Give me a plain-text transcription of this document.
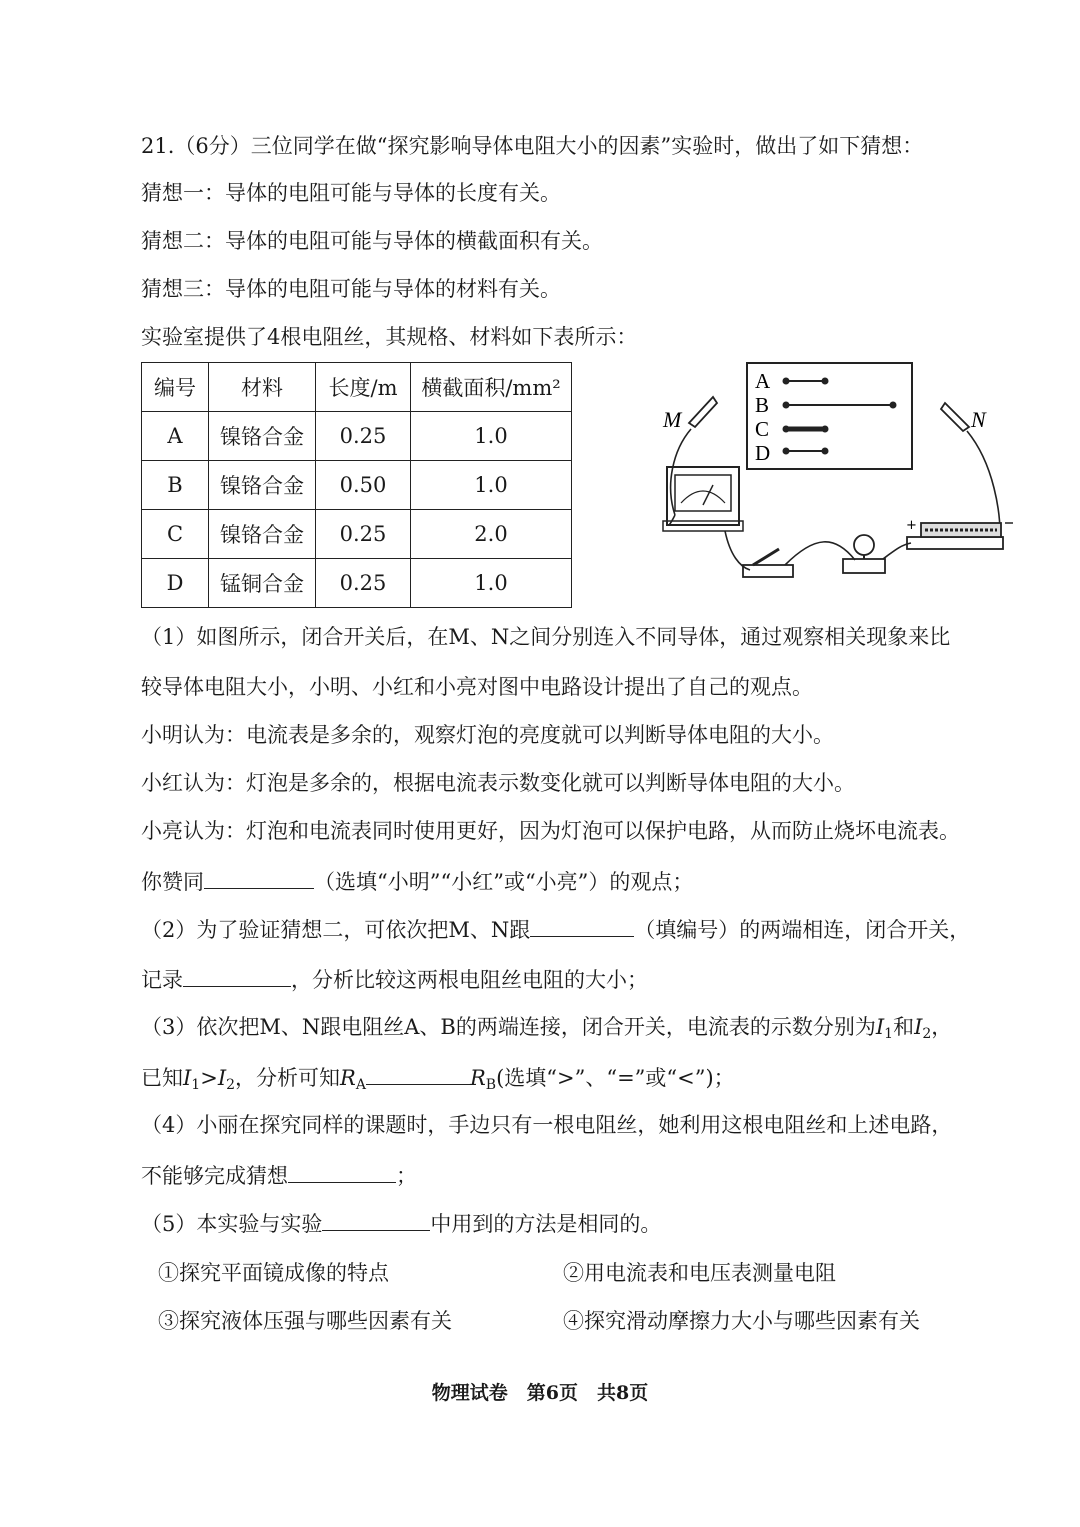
21.（6分）三位同学在做“探究影响导体电阻大小的因素”实验时，做出了如下猜想：
猜想一：导体的电阻可能与导体的长度有关。
猜想二：导体的电阻可能与导体的横截面积有关。
猜想三：导体的电阻可能与导体的材料有关。
实验室提供了4根电阻丝，其规格、材料如下表所示：
编号	材料	长度/m	横截面积/mm²
A	镍铬合金	0.25	1.0
B	镍铬合金	0.50	1.0
C	镍铬合金	0.25	2.0
D	锰铜合金	0.25	1.0
A
B
C
D
M	N
+
（1）如图所示，闭合开关后，在M、N之间分别连入不同导体，通过观察相关现象来比
较导体电阻大小，小明、小红和小亮对图中电路设计提出了自己的观点。
小明认为：电流表是多余的，观察灯泡的亮度就可以判断导体电阻的大小。
小红认为：灯泡是多余的，根据电流表示数变化就可以判断导体电阻的大小。
小亮认为：灯泡和电流表同时使用更好，因为灯泡可以保护电路，从而防止烧坏电流表。
你赞同	（选填“小明”“小红”或“小亮”）的观点；
（2）为了验证猜想二，可依次把M、N跟	（填编号）的两端相连，闭合开关，
记录	，分析比较这两根电阻丝电阻的大小；
（3）依次把M、N跟电阻丝A、B的两端连接，闭合开关，电流表的示数分别为$I_1$和$I_2$，
已知$I_1>I_2$，分析可知$R_A$	$R_B$(选填“>”、“=”或“<”)；
（4）小丽在探究同样的课题时，手边只有一根电阻丝，她利用这根电阻丝和上述电路，
不能够完成猜想	；
（5）本实验与实验	中用到的方法是相同的。
①探究平面镜成像的特点	②用电流表和电压表测量电阻
③探究液体压强与哪些因素有关	④探究滑动摩擦力大小与哪些因素有关
物理试卷　第6页　共8页
